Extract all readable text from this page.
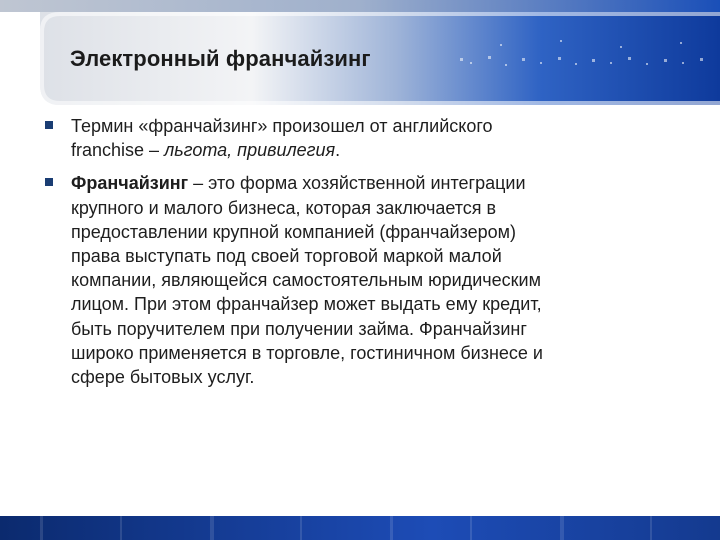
Электронный франчайзинг
Термин «франчайзинг» произошел от английского
franchise – льгота, привилегия.
Франчайзинг – это форма хозяйственной интеграции
крупного и малого бизнеса, которая заключается в
предоставлении крупной компанией (франчайзером)
права выступать под своей торговой маркой малой
компании, являющейся самостоятельным юридическим
лицом. При этом франчайзер может выдать ему кредит,
быть поручителем при получении займа. Франчайзинг
широко применяется в торговле, гостиничном бизнесе и
сфере бытовых услуг.
